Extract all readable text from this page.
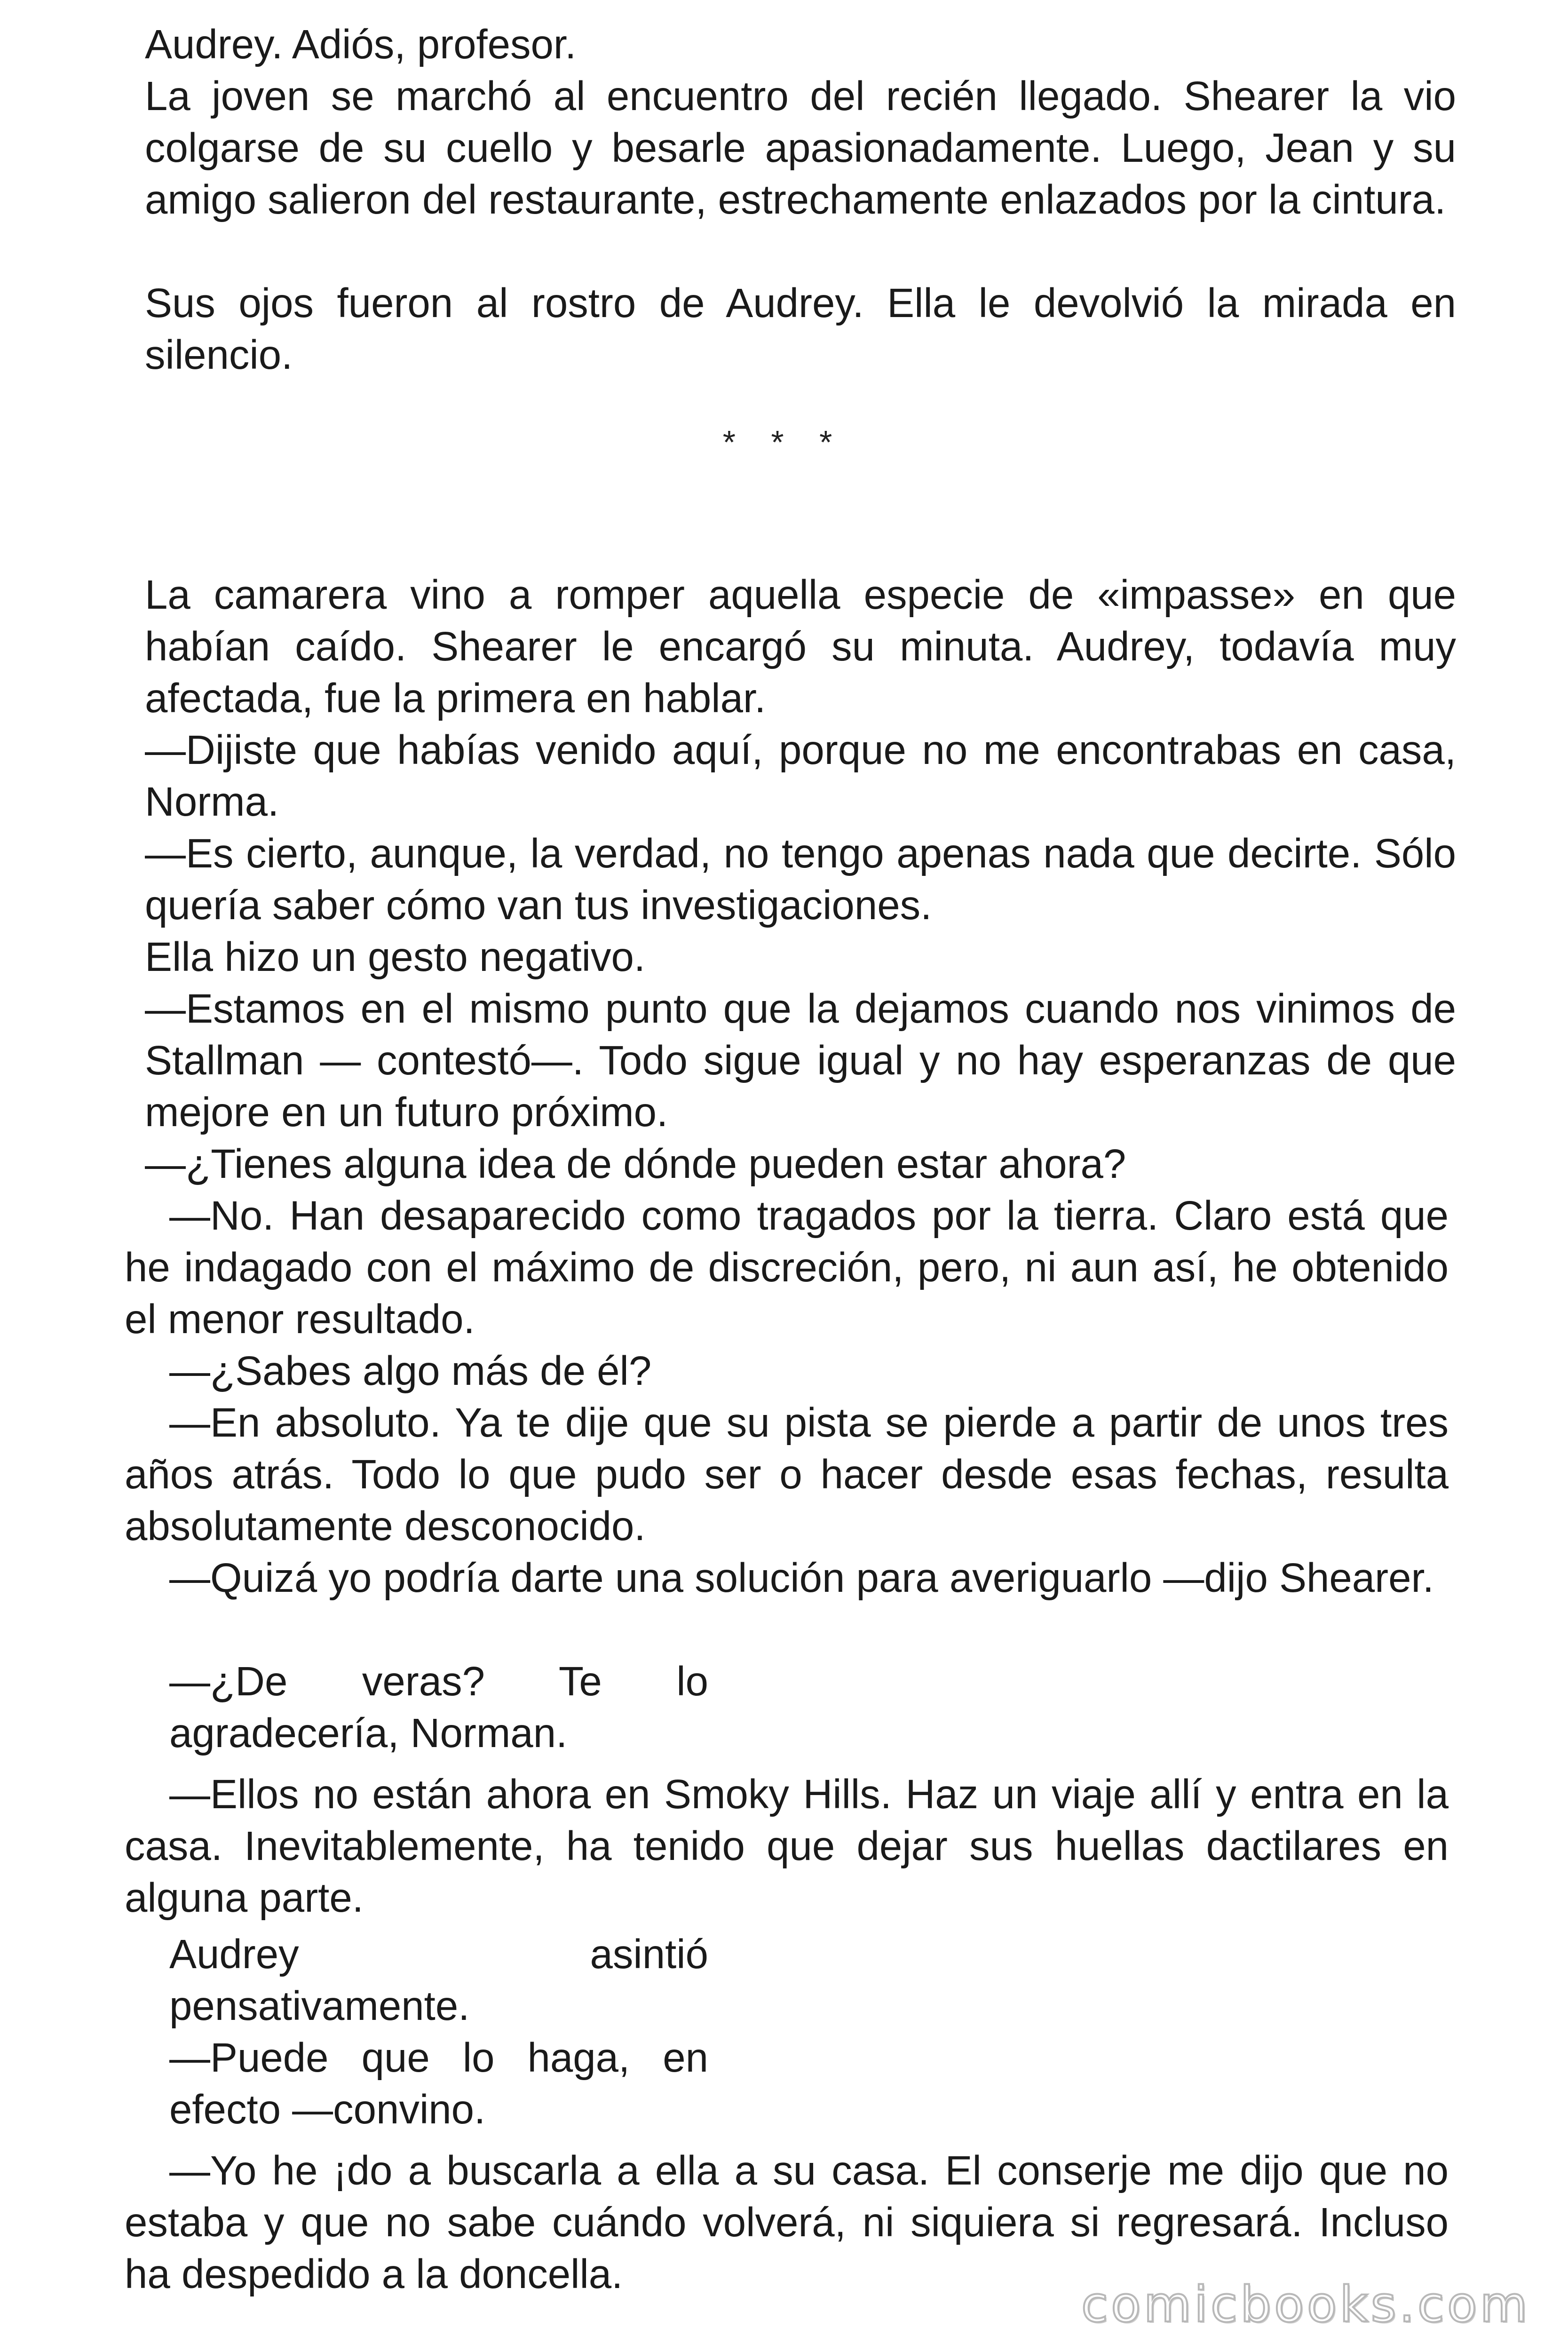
Audrey. Adiós, profesor.

La joven se marchó al encuentro del recién llegado. Shearer la vio colgarse de su cuello y besarle apasionadamente. Luego, Jean y su amigo salieron del restaurante, estrechamente enlazados por la cintura.

Sus ojos fueron al rostro de Audrey. Ella le devolvió la mirada en silencio.

* * *

La camarera vino a romper aquella especie de «impasse» en que habían caído. Shearer le encargó su minuta. Audrey, todavía muy afectada, fue la primera en hablar.

—Dijiste que habías venido aquí, porque no me encontrabas en casa, Norma.

—Es cierto, aunque, la verdad, no tengo apenas nada que decirte. Sólo quería saber cómo van tus investigaciones.

Ella hizo un gesto negativo.

—Estamos en el mismo punto que la dejamos cuando nos vinimos de Stallman — contestó—. Todo sigue igual y no hay esperanzas de que mejore en un futuro próximo.

—¿Tienes alguna idea de dónde pueden estar ahora?

—No. Han desaparecido como tragados por la tierra. Claro está que he indagado con el máximo de discreción, pero, ni aun así, he obtenido el menor resultado.

—¿Sabes algo más de él?

—En absoluto. Ya te dije que su pista se pierde a partir de unos tres años atrás. Todo lo que pudo ser o hacer desde esas fechas, resulta absolutamente desconocido.

—Quizá yo podría darte una solución para averiguarlo —dijo Shearer.

—¿De veras? Te lo agradecería, Norman.

—Ellos no están ahora en Smoky Hills. Haz un viaje allí y entra en la casa. Inevitablemente, ha tenido que dejar sus huellas dactilares en alguna parte.

Audrey asintió pensativamente.

—Puede que lo haga, en efecto —convino.

—Yo he ¡do a buscarla a ella a su casa. El conserje me dijo que no estaba y que no sabe cuándo volverá, ni siquiera si regresará. Incluso ha despedido a la doncella.

comicbooks.com
